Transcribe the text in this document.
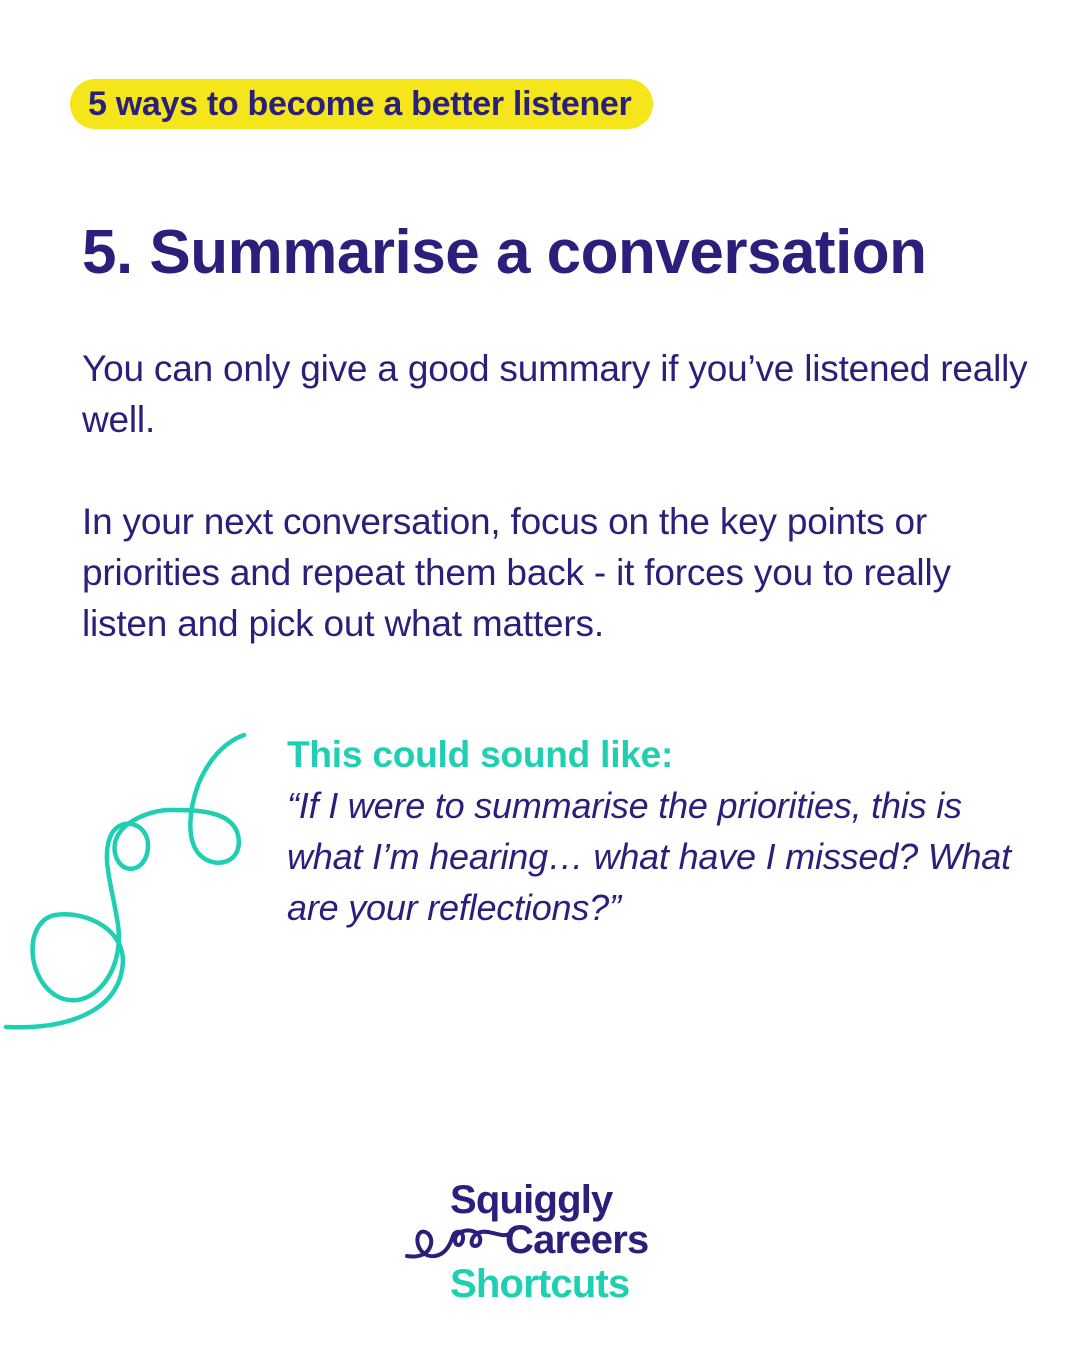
5 ways to become a better listener
5. Summarise a conversation

You can only give a good summary if you’ve listened really well.

In your next conversation, focus on the key points or priorities and repeat them back - it forces you to really listen and pick out what matters.

This could sound like:

“If I were to summarise the priorities, this is what I’m hearing… what have I missed? What are your reflections?”

Squiggly
Careers
Shortcuts
